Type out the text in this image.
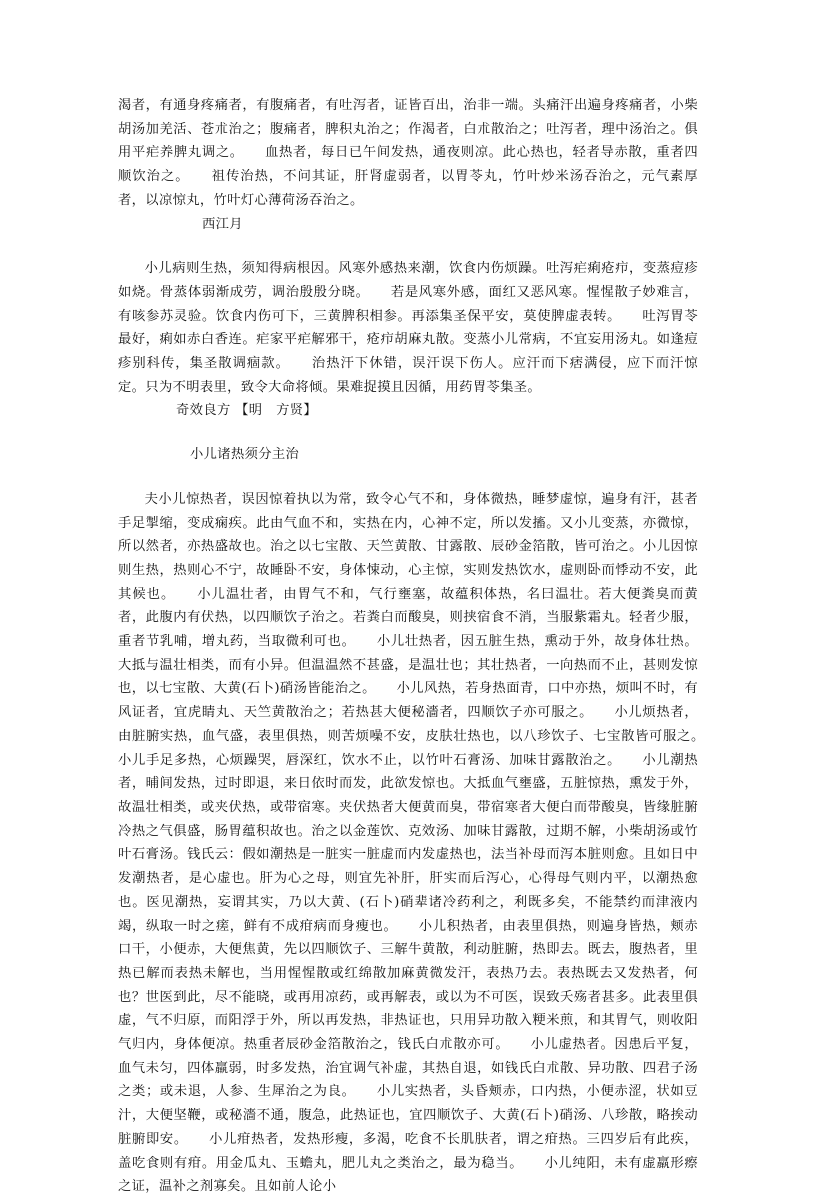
渴者，有通身疼痛者，有腹痛者，有吐泻者，证皆百出，治非一端。头痛汗出遍身疼痛者，小柴胡汤加羌活、苍朮治之；腹痛者，脾积丸治之；作渴者，白朮散治之；吐泻者，理中汤治之。俱用平疟养脾丸调之。　　血热者，每日已午间发热，通夜则凉。此心热也，轻者导赤散，重者四顺饮治之。　　祖传治热，不问其证，肝肾虚弱者，以胃苓丸，竹叶炒米汤吞治之，元气素厚者，以凉惊丸，竹叶灯心薄荷汤吞治之。

西江月

小儿病则生热，须知得病根因。风寒外感热来潮，饮食内伤烦躁。吐泻疟痢疮疖，变蒸痘疹如烧。骨蒸体弱渐成劳，调治殷殷分晓。　　若是风寒外感，面红又恶风寒。惺惺散子妙难言，有咳参苏灵验。饮食内伤可下，三黄脾积相参。再添集圣保平安，莫使脾虚表转。　　吐泻胃苓最好，痢如赤白香连。疟家平疟解邪干，疮疖胡麻丸散。变蒸小儿常病，不宜妄用汤丸。如逢痘疹别科传，集圣散调痼款。　　治热汗下休错，误汗误下伤人。应汗而下痞满侵，应下而汗惊定。只为不明表里，致令大命将倾。果难捉摸且因循，用药胃苓集圣。

奇效良方 【明　方贤】

小儿诸热须分主治

夫小儿惊热者，误因惊着执以为常，致令心气不和，身体微热，睡梦虚惊，遍身有汗，甚者手足掣缩，变成痫疾。此由气血不和，实热在内，心神不定，所以发搐。又小儿变蒸，亦微惊，所以然者，亦热盛故也。治之以七宝散、天竺黄散、甘露散、辰砂金箔散，皆可治之。小儿因惊则生热，热则心不宁，故睡卧不安，身体悚动，心主惊，实则发热饮水，虚则卧而悸动不安，此其候也。　　小儿温壮者，由胃气不和，气行壅塞，故蕴积体热，名曰温壮。若大便粪臭而黄者，此腹内有伏热，以四顺饮子治之。若粪白而酸臭，则挟宿食不消，当服紫霜丸。轻者少服，重者节乳哺，增丸药，当取微利可也。　　小儿壮热者，因五脏生热，熏动于外，故身体壮热。大抵与温壮相类，而有小异。但温温然不甚盛，是温壮也；其壮热者，一向热而不止，甚则发惊也，以七宝散、大黄(石卜)硝汤皆能治之。　　小儿风热，若身热面青，口中亦热，烦叫不时，有风证者，宜虎睛丸、天竺黄散治之；若热甚大便秘濇者，四顺饮子亦可服之。　　小儿烦热者，由脏腑实热，血气盛，表里俱热，则苦烦噪不安，皮肤壮热也，以八珍饮子、七宝散皆可服之。　　小儿手足多热，心烦躁哭，唇深红，饮水不止，以竹叶石膏汤、加味甘露散治之。　　小儿潮热者，晡间发热，过时即退，来日依时而发，此欲发惊也。大抵血气壅盛，五脏惊热，熏发于外，故温壮相类，或夹伏热，或带宿寒。夹伏热者大便黄而臭，带宿寒者大便白而带酸臭，皆缘脏腑冷热之气俱盛，肠胃蕴积故也。治之以金莲饮、克效汤、加味甘露散，过期不解，小柴胡汤或竹叶石膏汤。钱氏云：假如潮热是一脏实一脏虚而内发虚热也，法当补母而泻本脏则愈。且如日中发潮热者，是心虚也。肝为心之母，则宜先补肝，肝实而后泻心，心得母气则内平，以潮热愈也。医见潮热，妄谓其实，乃以大黄、(石卜)硝辈诸冷药利之，利既多矣，不能禁约而津液内竭，纵取一时之瘥，鲜有不成疳病而身瘦也。　　小儿积热者，由表里俱热，则遍身皆热，颊赤口干，小便赤，大便焦黄，先以四顺饮子、三解牛黄散，利动脏腑，热即去。既去，腹热者，里热已解而表热未解也，当用惺惺散或红绵散加麻黄微发汗，表热乃去。表热既去又发热者，何也？世医到此，尽不能晓，或再用凉药，或再解表，或以为不可医，误致夭殇者甚多。此表里俱虚，气不归原，而阳浮于外，所以再发热，非热证也，只用异功散入粳米煎，和其胃气，则收阳气归内，身体便凉。热重者辰砂金箔散治之，钱氏白朮散亦可。　　小儿虚热者。因患后平复，血气未匀，四体羸弱，时多发热，治宜调气补虚，其热自退，如钱氏白朮散、异功散、四君子汤之类；或未退，人参、生犀治之为良。　　小儿实热者，头昏颊赤，口内热，小便赤涩，状如豆汁，大便坚鞭，或秘濇不通，腹急，此热证也，宜四顺饮子、大黄(石卜)硝汤、八珍散，略挨动脏腑即安。　　小儿疳热者，发热形瘦，多渴，吃食不长肌肤者，谓之疳热。三四岁后有此疾，盖吃食则有疳。用金瓜丸、玉蟾丸，肥儿丸之类治之，最为稳当。　　小儿纯阳，未有虚羸形瘵之证，温补之剂寡矣。且如前人论小
